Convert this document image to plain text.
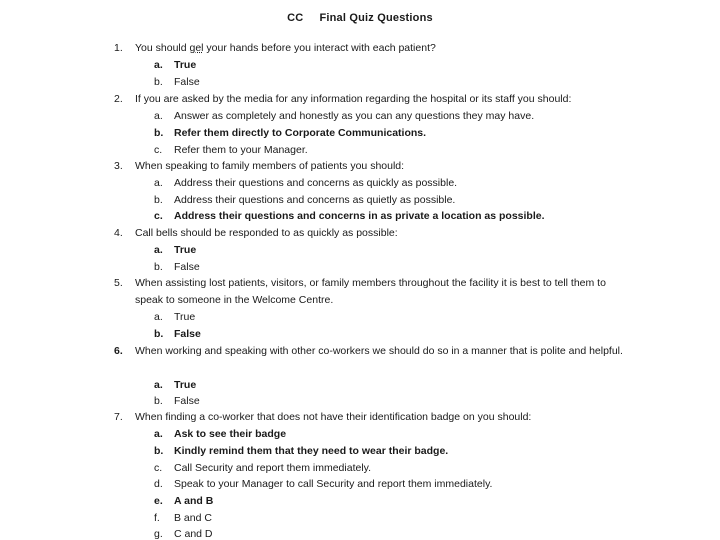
CC Final Quiz Questions
1.	You should gel your hands before you interact with each patient?
a. True
b. False
2.	If you are asked by the media for any information regarding the hospital or its staff you should:
a. Answer as completely and honestly as you can any questions they may have.
b. Refer them directly to Corporate Communications.
c. Refer them to your Manager.
3.	When speaking to family members of patients you should:
a. Address their questions and concerns as quickly as possible.
b. Address their questions and concerns as quietly as possible.
c. Address their questions and concerns in as private a location as possible.
4.	Call bells should be responded to as quickly as possible:
a. True
b. False
5.	When assisting lost patients, visitors, or family members throughout the facility it is best to tell them to speak to someone in the Welcome Centre.
a. True
b. False
6.	When working and speaking with other co-workers we should do so in a manner that is polite and helpful.
a. True
b. False
7.	When finding a co-worker that does not have their identification badge on you should:
a. Ask to see their badge
b. Kindly remind them that they need to wear their badge.
c. Call Security and report them immediately.
d. Speak to your Manager to call Security and report them immediately.
e. A and B
f. B and C
g. C and D
